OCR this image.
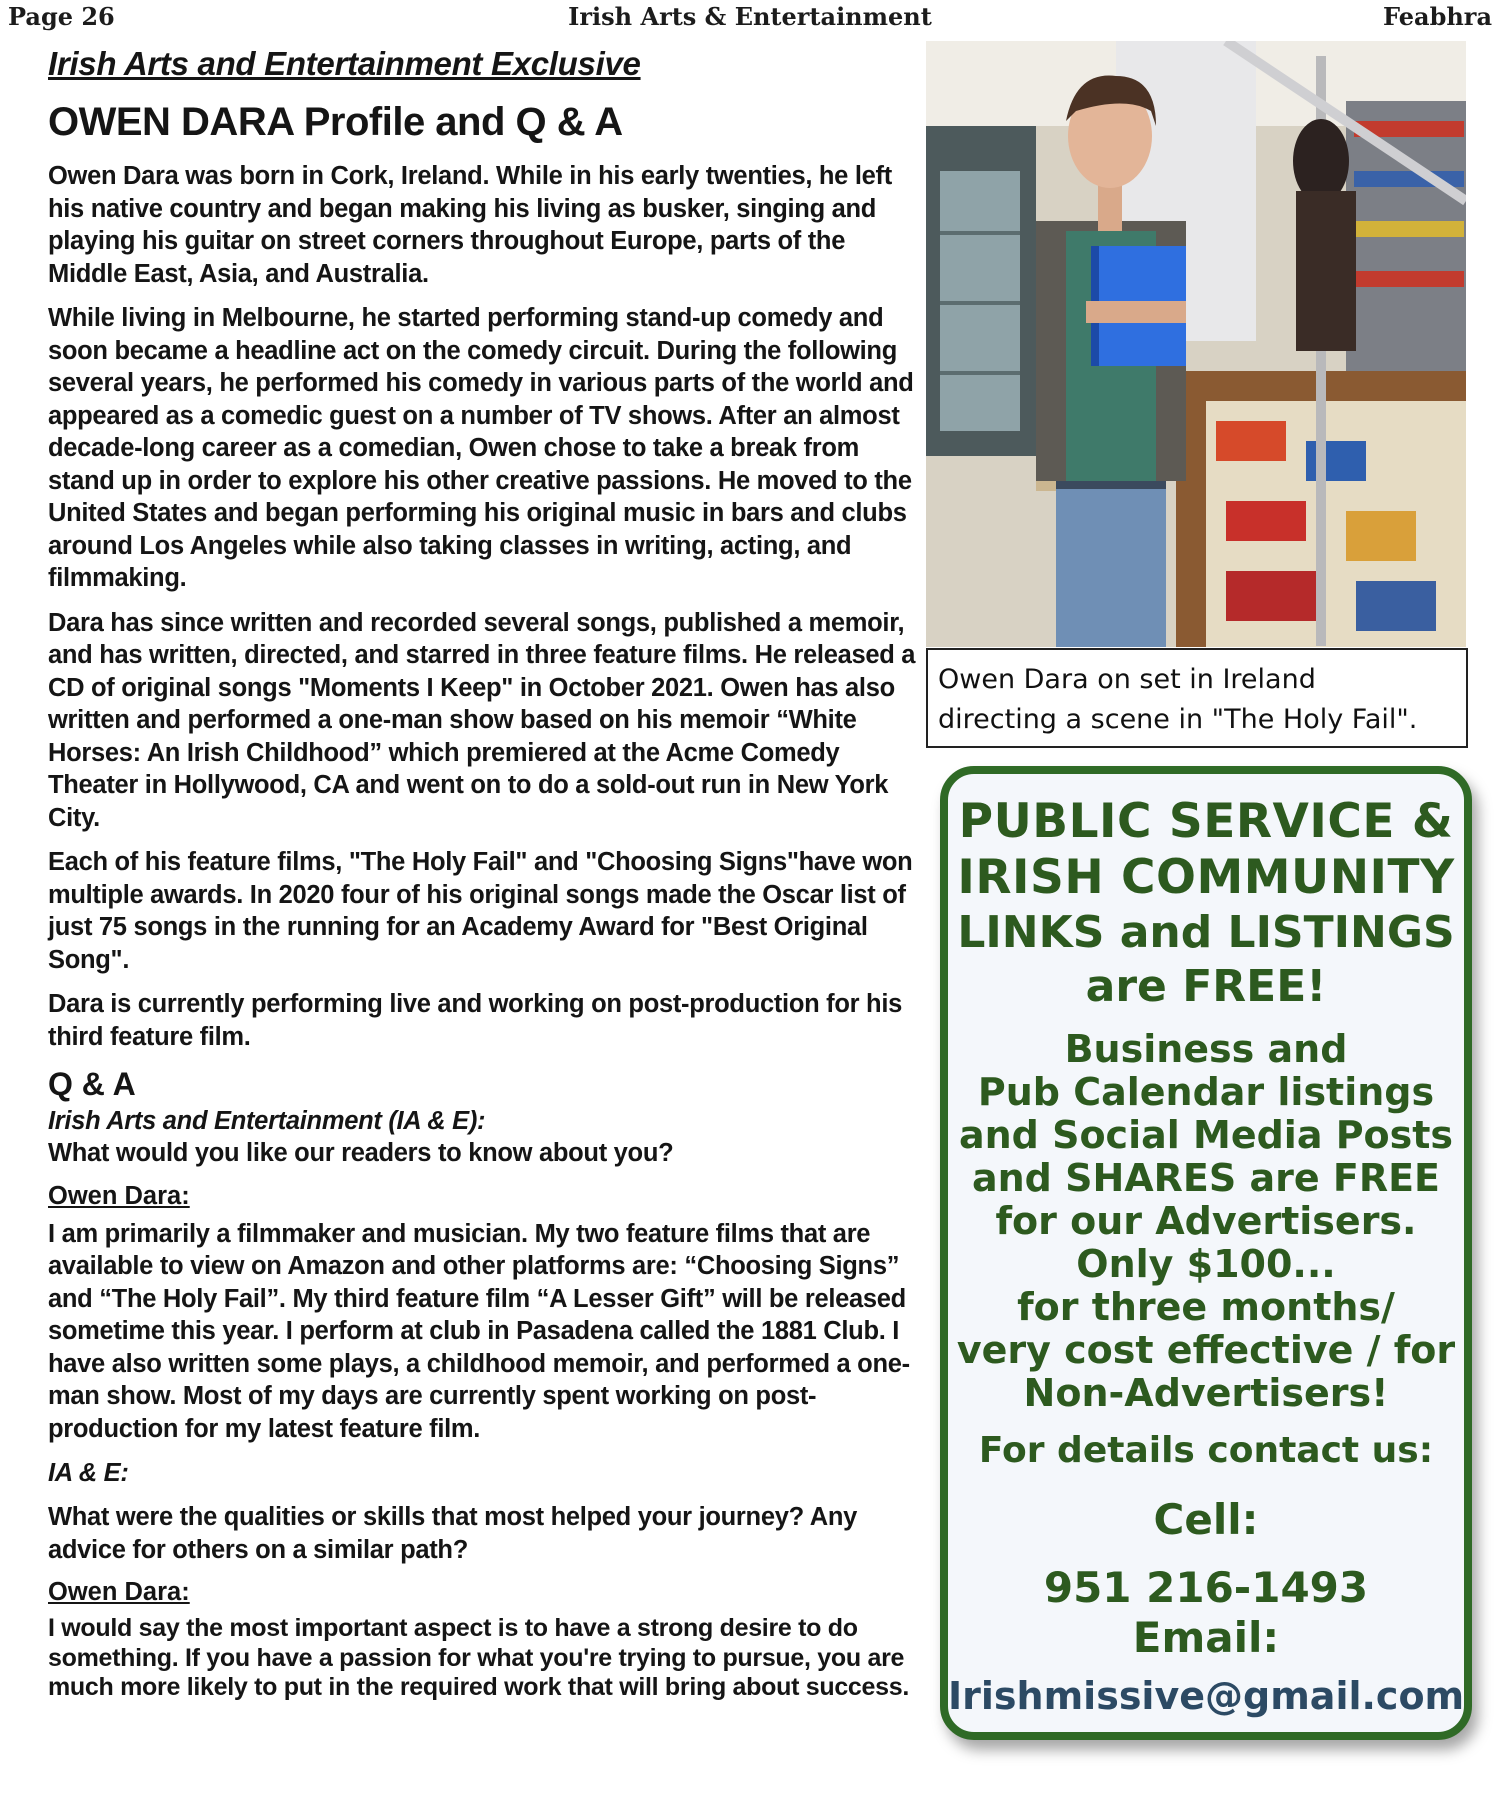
Page 26	Irish Arts & Entertainment	Feabhra
Irish Arts and Entertainment Exclusive
OWEN DARA Profile and Q & A

Owen Dara was born in Cork, Ireland. While in his early twenties, he left his native country and began making his living as busker, singing and playing his guitar on street corners throughout Europe, parts of the Middle East, Asia, and Australia.

While living in Melbourne, he started performing stand-up comedy and soon became a headline act on the comedy circuit. During the following several years, he performed his comedy in various parts of the world and appeared as a comedic guest on a number of TV shows. After an almost decade-long career as a comedian, Owen chose to take a break from stand up in order to explore his other creative passions. He moved to the United States and began performing his original music in bars and clubs around Los Angeles while also taking classes in writing, acting, and filmmaking.

Dara has since written and recorded several songs, published a memoir, and has written, directed, and starred in three feature films. He released a CD of original songs "Moments I Keep" in October 2021. Owen has also written and performed a one-man show based on his memoir “White Horses: An Irish Childhood” which premiered at the Acme Comedy Theater in Hollywood, CA and went on to do a sold-out run in New York City.

Each of his feature films, "The Holy Fail" and "Choosing Signs"have won multiple awards. In 2020 four of his original songs made the Oscar list of just 75 songs in the running for an Academy Award for "Best Original Song".

Dara is currently performing live and working on post-production for his third feature film.

Q & A
Irish Arts and Entertainment (IA & E):
What would you like our readers to know about you?
Owen Dara:
I am primarily a filmmaker and musician. My two feature films that are available to view on Amazon and other platforms are: “Choosing Signs” and “The Holy Fail”. My third feature film “A Lesser Gift” will be released sometime this year. I perform at club in Pasadena called the 1881 Club. I have also written some plays, a childhood memoir, and performed a one-man show. Most of my days are currently spent working on post-production for my latest feature film.
IA & E:
What were the qualities or skills that most helped your journey? Any advice for others on a similar path?
Owen Dara:
I would say the most important aspect is to have a strong desire to do something. If you have a passion for what you're trying to pursue, you are much more likely to put in the required work that will bring about success.
Owen Dara on set in Ireland
directing a scene in "The Holy Fail".
PUBLIC SERVICE &
IRISH COMMUNITY
LINKS and LISTINGS
are FREE!
Business and
Pub Calendar listings
and Social Media Posts
and SHARES are FREE
for our Advertisers.
Only $100...
for three months/
very cost effective / for
Non-Advertisers!
For details contact us:
Cell:
951 216-1493
Email:
Irishmissive@gmail.com
